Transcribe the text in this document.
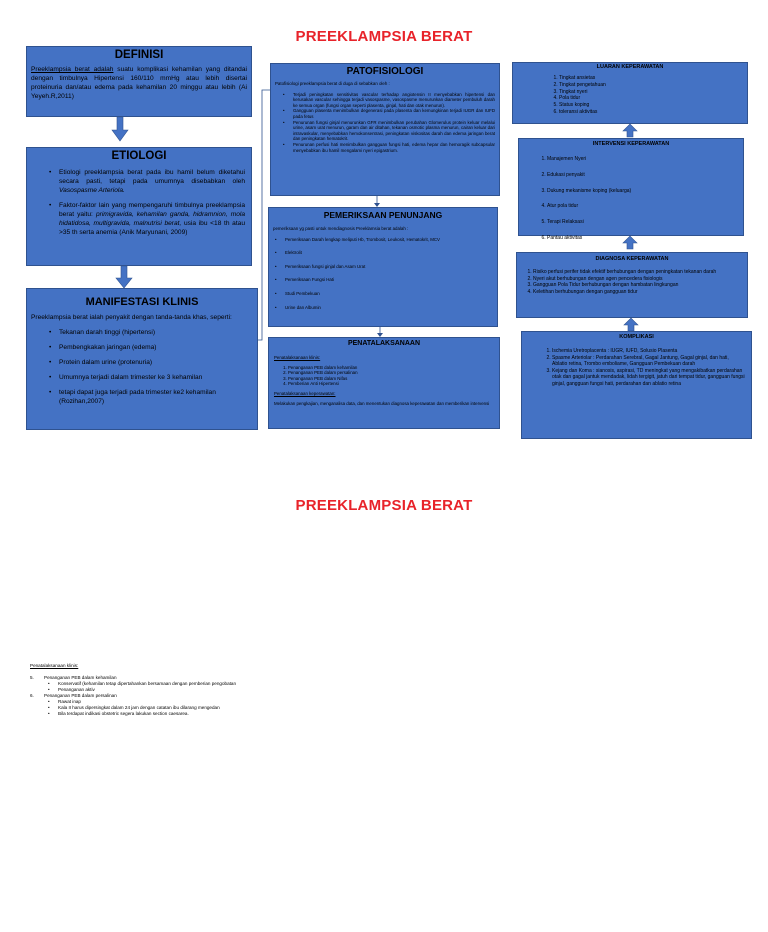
PREEKLAMPSIA BERAT
PREEKLAMPSIA BERAT
DEFINISI
Preeklampsia berat adalah suatu komplikasi kehamilan yang ditandai dengan timbulnya Hipertensi 160/110 mmHg atau lebih disertai proteinuria dan/atau edema pada kehamilan 20 minggu atau lebih (Ai Yeyeh.R,2011)
ETIOLOGI
• Etiologi preeklampsia berat pada ibu hamil belum diketahui secara pasti, tetapi pada umumnya disebabkan oleh Vasospasme Arteriola.
• Faktor-faktor lain yang mempengaruhi timbulnya preeklampsia berat yaitu: primigravida, kehamilan ganda, hidramnion, mola hidatidosa, multigravida, malnutrisi berat, usia ibu <18 th atau >35 th serta anemia (Anik Maryunani, 2009)
MANIFESTASI KLINIS
Preeklampsia berat ialah penyakit dengan tanda-tanda khas, seperti:
• Tekanan darah tinggi (hipertensi)
• Pembengkakan jaringan (edema)
• Protein dalam urine (protenuria)
• Umumnya terjadi dalam trimester ke 3 kehamilan
• tetapi dapat juga terjadi pada trimester ke2 kehamilan (Rozihan,2007)
PATOFISIOLOGI
Patofisiologi preeklampsia berat di duga di sebabkan oleh :
• Terjadi peningkatan sensitivitas vascular terhadap angiotensin II menyebabkan hipertensi dan kerusakan vascular sehingga terjadi vasospasme, vasospasme menurunkan diameter pembuluh darah ke semua organ (fungsi organ seperti plasenta, ginjal, hati dan otak menurun).
• Gangguan plasenta menimbulkan degenerasi pada plasenta dan kemungkinan terjadi IUGR dan IUFD pada fetus
• Penurunan fungsi ginjal menurunkan GFR menimbulkan perubahan Glomerulus protein keluar melalui urine, asam urat menurun, garam dan air ditahan, tekanan osmotic plasma menurun, cairan keluar dari intravaskular, menyebabkan hemokonsentrasi, peningkatan viskositas darah dan edema jaringan berat dan peningkatan hematokrit.
• Penurunan perfusi hati menimbulkan gangguan fungsi hati, edema hepar dan hemoragik subcapsular menyebabkan ibu hamil mengalami nyeri epigastrium.
PEMERIKSAAN PENUNJANG
pemeriksaan yg pasti untuk mendiagnosis Preeklamsia berat adalah :
• Pemeriksaan Darah lengkap meliputi Hb, Trombosit, Leukosit, Hematokrit, MCV
• Elektrolit
• Pemeriksaan fungsi ginjal dan Asam Urat
• Pemeriksaan Fungsi Hati
• Studi Pembekuan
• Urine dan Albumin
PENATALAKSANAAN
Penatalaksanaan klinis:
1. Penanganan PEB dalam kehamilan
2. Penanganan PEB dalam persalinan
3. Penanganan PEB dalam Nifas
4. Pemberian Anti Hipertensi
Penatalaksanaan keperawatan:
Melakukan pengkajian, menganalisa data, dan menentukan diagnosa keperawatan dan memberikan intervensi
LUARAN KEPERAWATAN
1. Tingkat ansietas
2. Tingkat pengetahuan
3. Tingkat nyeri
4. Pola tidur
5. Status koping
6. toleransi aktivitas
INTERVENSI KEPERAWATAN
1. Manajemen Nyeri
2. Edukasi penyakit
3. Dukung mekanisme koping (keluarga)
4. Atur pola tidur
5. Terapi Relaksasi
6. Pantau aktivitas
DIAGNOSA KEPERAWATAN
1. Risiko perfusi perifer tidak efektif berhubungan dengan peningkatan tekanan darah
2. Nyeri akut berhubungan dengan agen pencedera fisiologis
3. Gangguan Pola Tidur berhubungan dengan hambatan lingkungan
4. Keletihan berhubungan dengan gangguan tidur
KOMPLIKASI
1. Ischemia Uretroplacenta : IUGR, IUFD, Solusio Plasenta
2. Spasme Arteriolar : Perdarahan Serebral, Gagal Jantung, Gagal ginjal, dan hati, Ablatio retina, Trombo emboliame, Gangguan Pembekuan darah
3. Kejang dan Koma : sianosis, aspirasi, TD meningkat yang mengakibatkan perdarahan otak dan gagal jantuk mendadak, lidah tergigit, jatuh dari tempat tidur, gangguan fungsi ginjal, gangguan fungsi hati, perdarahan dan ablatio retina
Penatalaksanaan klinis:
5. Penanganan PEB dalam kehamilan
• Konservatif (kehamilan tetap dipertahankan bersamaan dengan pemberian pengobatan
• Penanganan aktiv
6. Penanganan PEB dalam persalinan
• Rawat inap
• Kala II harus dipersingkat dalam 24 jam dengan catatan ibu dilarang mengedan
• Bila terdapat indikasi obstetric segera lakukan section caesarea.
